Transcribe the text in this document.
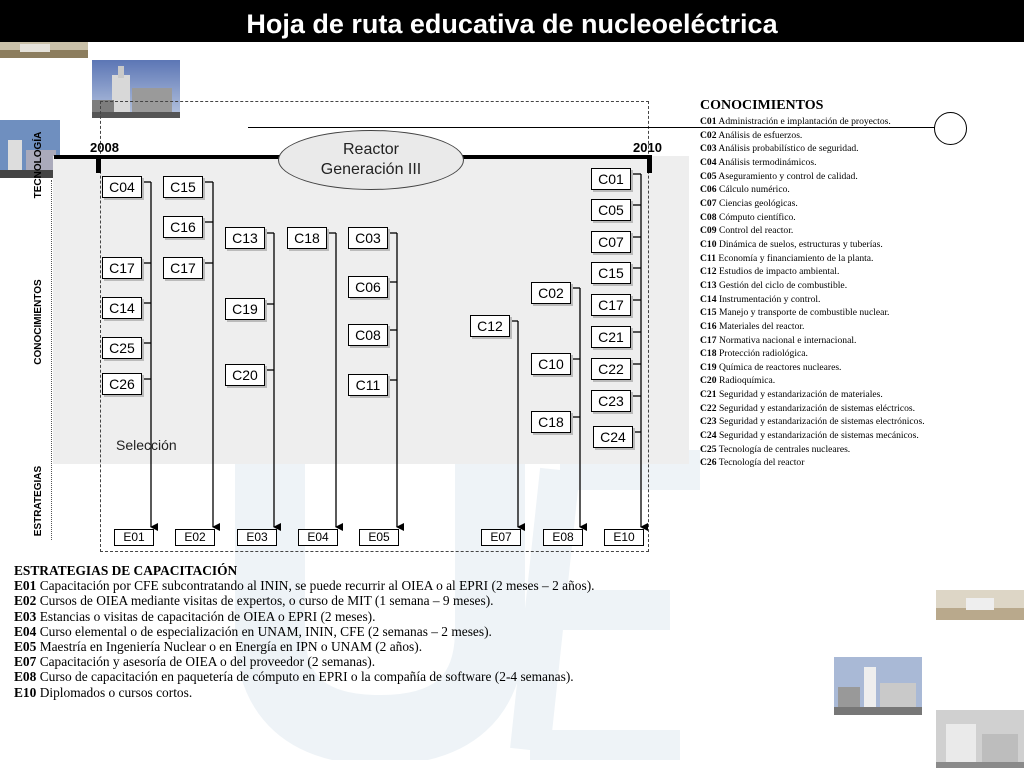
Hoja de ruta educativa de nucleoeléctrica
2008	2010
TECNOLOGÍA
CONOCIMIENTOS
ESTRATEGIAS
Reactor
Generación III
Selección
C04
C17
C14
C25
C26
C15
C16
C17
C13
C19
C20
C18	C03
C06
C08
C11
C12
C02
C10
C18
C01
C05
C07
C15
C17
C21
C22
C23
C24
E01	E02	E03	E04	E05	E07	E08	E10
CONOCIMIENTOS
C01 Administración e implantación de proyectos.
C02 Análisis de esfuerzos.
C03 Análisis probabilístico de seguridad.
C04 Análisis termodinámicos.
C05 Aseguramiento y control de calidad.
C06 Cálculo numérico.
C07 Ciencias geológicas.
C08 Cómputo científico.
C09 Control del reactor.
C10 Dinámica de suelos, estructuras y tuberías.
C11 Economía y financiamiento de la planta.
C12 Estudios de impacto ambiental.
C13 Gestión del ciclo de combustible.
C14 Instrumentación y control.
C15 Manejo y transporte de combustible nuclear.
C16 Materiales del reactor.
C17 Normativa nacional e internacional.
C18 Protección radiológica.
C19 Química de reactores nucleares.
C20 Radioquímica.
C21 Seguridad y estandarización de materiales.
C22 Seguridad y estandarización de sistemas eléctricos.
C23 Seguridad y estandarización de sistemas electrónicos.
C24 Seguridad y estandarización de sistemas mecánicos.
C25 Tecnología de centrales nucleares.
C26 Tecnología del reactor
ESTRATEGIAS DE CAPACITACIÓN
E01 Capacitación por CFE subcontratando al ININ, se puede recurrir al OIEA o al EPRI (2 meses – 2 años).
E02 Cursos de OIEA mediante visitas de expertos, o curso de MIT (1 semana – 9 meses).
E03 Estancias o visitas de capacitación de OIEA o EPRI (2 meses).
E04 Curso elemental o de especialización en UNAM, ININ, CFE (2 semanas – 2 meses).
E05 Maestría en Ingeniería Nuclear o en Energía en IPN o UNAM (2 años).
E07 Capacitación y asesoría de OIEA o del proveedor (2 semanas).
E08 Curso de capacitación en paquetería de cómputo en EPRI o la compañía de software (2-4 semanas).
E10 Diplomados o cursos cortos.
